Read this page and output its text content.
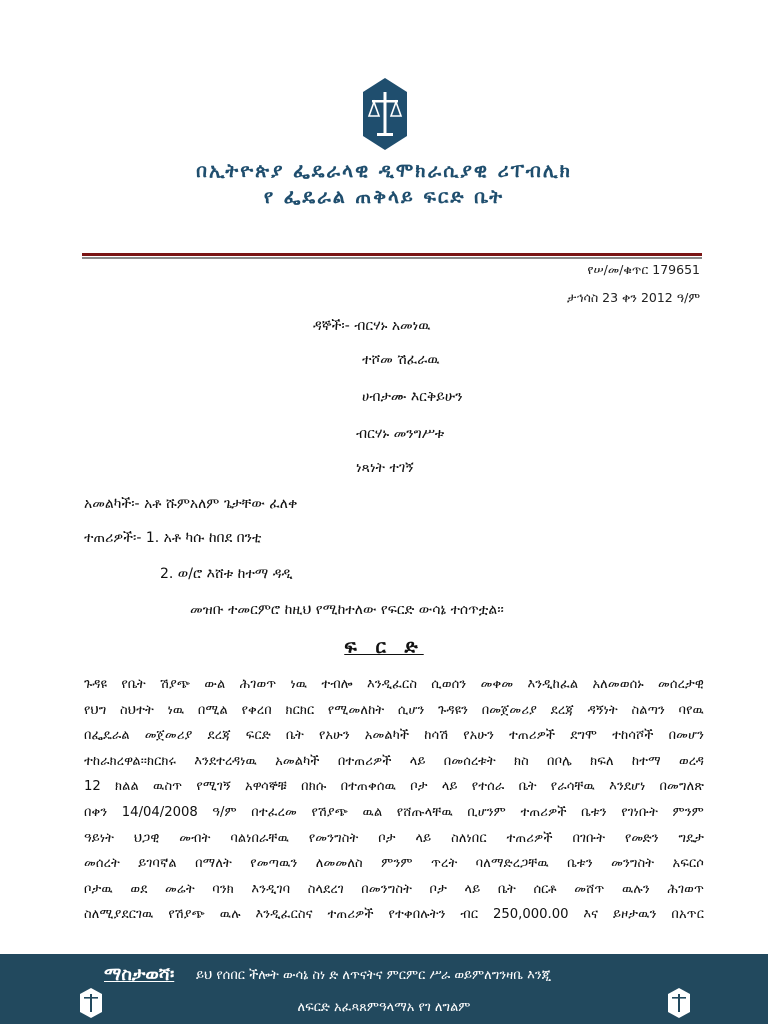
በኢትዮጵያ ፌዴራላዊ ዲሞክራሲያዊ ሪፐብሊክ
የ ፌዴራል ጠቅላይ ፍርድ ቤት
የሠ/መ/ቁጥር 179651
ታኅሳስ 23 ቀን 2012 ዓ/ም
ዳኞች፡- ብርሃኑ አመነዉ
ተሾመ ሽፈራዉ
ሀብታሙ እርቅይሁን
ብርሃኑ መንግሥቱ
ነጻነት ተገኝ
አመልካች፡- አቶ ሹምአለም ጌታቸው ፈለቀ
ተጠሪዎች፡- 1. አቶ ካሱ ከበደ በንቲ
2. ወ/ሮ እሸቱ ከተማ ዳዲ
መዝቡ ተመርምሮ ከዚህ የሚከተለው የፍርድ ውሳኔ ተሰጥቷል፡፡
ፍ ር ድ
ጉዳዩ የቤት ሽያጭ ውል ሕገወጥ ነዉ ተብሎ እንዲፈርስ ሲወሰን መቀመ እንዲከፈል አለመወሰኑ መሰረታዊ
የህግ ስህተት ነዉ በሚል የቀረበ ክርክር የሚመለከት ሲሆን ጉዳዩን በመጀመሪያ ደረጃ ዳኝነት ስልጣን ባየዉ
በፌዴራል መጀመሪያ ደረጃ ፍርድ ቤት የአሁን አመልካች ከሳሽ የአሁን ተጠሪዎች ደግሞ ተከሳሾች በመሆን
ተከራክረዋል፡፡ክርክሩ እንደተረዳነዉ አመልካች በተጠሪዎች ላይ በመሰረቱት ክስ በቦሌ ክፍለ ከተማ ወረዳ
12 ክልል ዉስጥ የሚገኝ አዋሳኞቹ በክሱ በተጠቀሰዉ ቦታ ላይ የተሰራ ቤት የራሳቸዉ እንደሆነ በመግለጽ
በቀን 14/04/2008 ዓ/ም በተፈረመ የሽያጭ ዉል የሸጡላቸዉ ቢሆንም ተጠሪዎች ቤቱን የገነቡት ምንም
ዓይነት ህጋዊ መብት ባልነበራቸዉ የመንግስት ቦታ ላይ ስለነበር ተጠሪዎች በገቡት የመድን ግዴታ
መሰረት ይገባኛል በማለት የመጣዉን ለመመለስ ምንም ጥረት ባለማድረጋቸዉ ቤቱን መንግስት አፍርሶ
ቦታዉ ወደ መሬት ባንክ እንዲገባ ስላደረገ በመንግስት ቦታ ላይ ቤት ሰርቶ መሸጥ ዉሉን ሕገወጥ
ስለሚያደርገዉ የሽያጭ ዉሉ እንዲፈርስና ተጠሪዎች የተቀበሉትን ብር 250,000.00 እና ይዞታዉን በአጥር
ማስታወሻ፡ ይህ የሰበር ችሎት ውሳኔ ስነ ድ ለጥናትና ምርምር ሥራ ወይምለግንዛቤ እንጂ
ለፍርድ አፈጻጸምዓላማአ የገ ለግልም
